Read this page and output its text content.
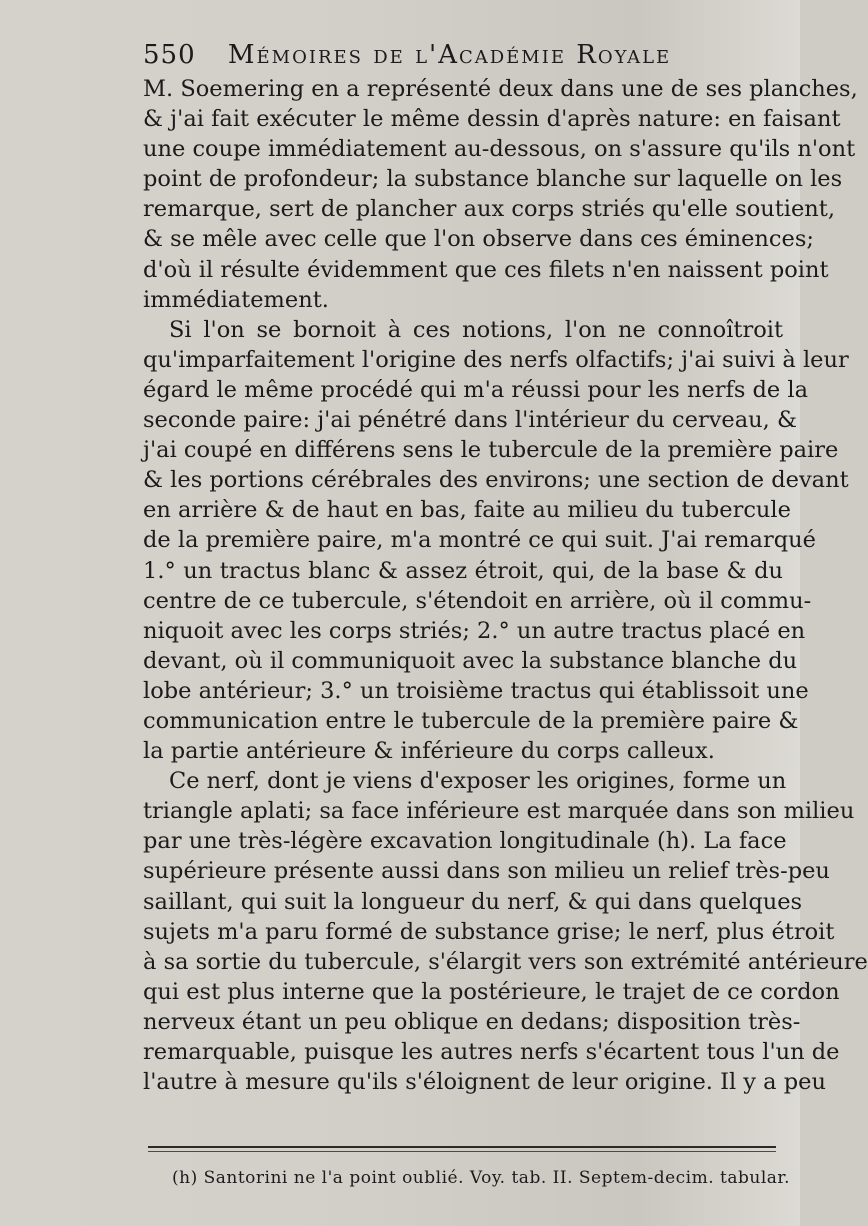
550 Mémoires de l'Académie Royale
M. Soemering en a représenté deux dans une de ses planches,
& j'ai fait exécuter le même dessin d'après nature: en faisant
une coupe immédiatement au-dessous, on s'assure qu'ils n'ont
point de profondeur; la substance blanche sur laquelle on les
remarque, sert de plancher aux corps striés qu'elle soutient,
& se mêle avec celle que l'on observe dans ces éminences;
d'où il résulte évidemment que ces filets n'en naissent point
immédiatement.
Si l'on se bornoit à ces notions, l'on ne connoîtroit
qu'imparfaitement l'origine des nerfs olfactifs; j'ai suivi à leur
égard le même procédé qui m'a réussi pour les nerfs de la
seconde paire: j'ai pénétré dans l'intérieur du cerveau, &
j'ai coupé en différens sens le tubercule de la première paire
& les portions cérébrales des environs; une section de devant
en arrière & de haut en bas, faite au milieu du tubercule
de la première paire, m'a montré ce qui suit. J'ai remarqué
1.° un tractus blanc & assez étroit, qui, de la base & du
centre de ce tubercule, s'étendoit en arrière, où il commu-
niquoit avec les corps striés; 2.° un autre tractus placé en
devant, où il communiquoit avec la substance blanche du
lobe antérieur; 3.° un troisième tractus qui établissoit une
communication entre le tubercule de la première paire &
la partie antérieure & inférieure du corps calleux.
Ce nerf, dont je viens d'exposer les origines, forme un
triangle aplati; sa face inférieure est marquée dans son milieu
par une très-légère excavation longitudinale (h). La face
supérieure présente aussi dans son milieu un relief très-peu
saillant, qui suit la longueur du nerf, & qui dans quelques
sujets m'a paru formé de substance grise; le nerf, plus étroit
à sa sortie du tubercule, s'élargit vers son extrémité antérieure
qui est plus interne que la postérieure, le trajet de ce cordon
nerveux étant un peu oblique en dedans; disposition très-
remarquable, puisque les autres nerfs s'écartent tous l'un de
l'autre à mesure qu'ils s'éloignent de leur origine. Il y a peu
(h) Santorini ne l'a point oublié. Voy. tab. II. Septem-decim. tabular.
